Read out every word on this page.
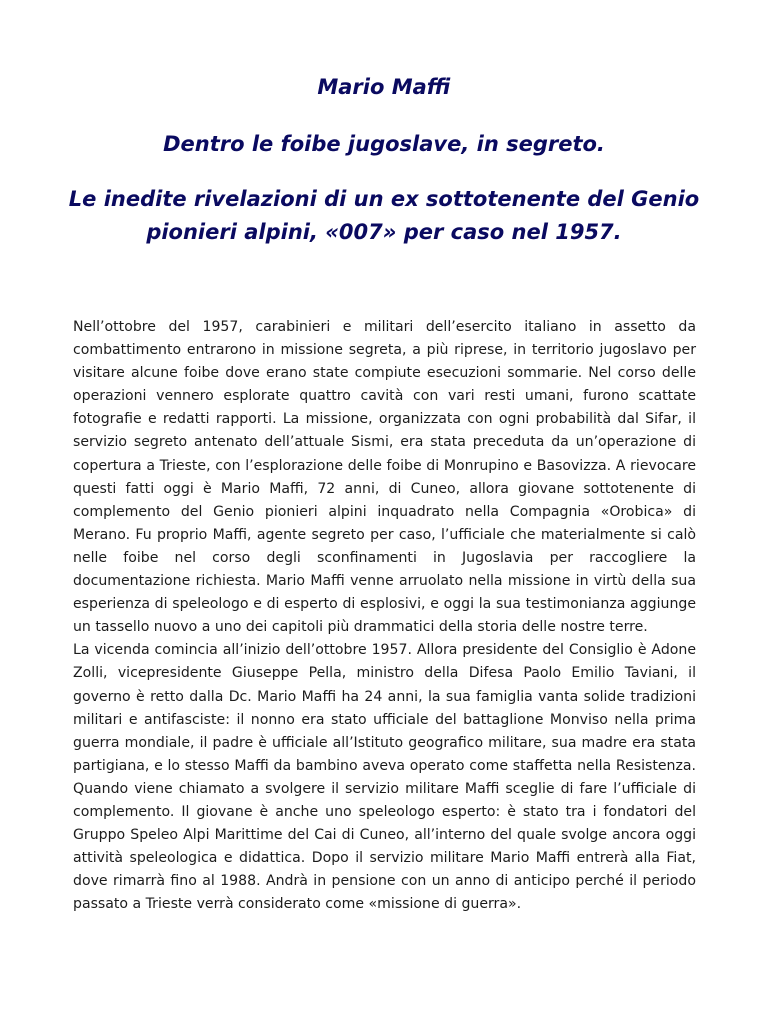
Mario Maffi
Dentro le foibe jugoslave, in segreto.
Le inedite rivelazioni di un ex sottotenente del Genio pionieri alpini, «007» per caso nel 1957.

Nell’ottobre del 1957, carabinieri e militari dell’esercito italiano in assetto da combattimento entrarono in missione segreta, a più riprese, in territorio jugoslavo per visitare alcune foibe dove erano state compiute esecuzioni sommarie. Nel corso delle operazioni vennero esplorate quattro cavità con vari resti umani, furono scattate fotografie e redatti rapporti. La missione, organizzata con ogni probabilità dal Sifar, il servizio segreto antenato dell’attuale Sismi, era stata preceduta da un’operazione di copertura a Trieste, con l’esplorazione delle foibe di Monrupino e Basovizza. A rievocare questi fatti oggi è Mario Maffi, 72 anni, di Cuneo, allora giovane sottotenente di complemento del Genio pionieri alpini inquadrato nella Compagnia «Orobica» di Merano. Fu proprio Maffi, agente segreto per caso, l’ufficiale che materialmente si calò nelle foibe nel corso degli sconfinamenti in Jugoslavia per raccogliere la documentazione richiesta. Mario Maffi venne arruolato nella missione in virtù della sua esperienza di speleologo e di esperto di esplosivi, e oggi la sua testimonianza aggiunge un tassello nuovo a uno dei capitoli più drammatici della storia delle nostre terre.

La vicenda comincia all’inizio dell’ottobre 1957. Allora presidente del Consiglio è Adone Zolli, vicepresidente Giuseppe Pella, ministro della Difesa Paolo Emilio Taviani, il governo è retto dalla Dc. Mario Maffi ha 24 anni, la sua famiglia vanta solide tradizioni militari e antifasciste: il nonno era stato ufficiale del battaglione Monviso nella prima guerra mondiale, il padre è ufficiale all’Istituto geografico militare, sua madre era stata partigiana, e lo stesso Maffi da bambino aveva operato come staffetta nella Resistenza. Quando viene chiamato a svolgere il servizio militare Maffi sceglie di fare l’ufficiale di complemento. Il giovane è anche uno speleologo esperto: è stato tra i fondatori del Gruppo Speleo Alpi Marittime del Cai di Cuneo, all’interno del quale svolge ancora oggi attività speleologica e didattica. Dopo il servizio militare Mario Maffi entrerà alla Fiat, dove rimarrà fino al 1988. Andrà in pensione con un anno di anticipo perché il periodo passato a Trieste verrà considerato come «missione di guerra».
